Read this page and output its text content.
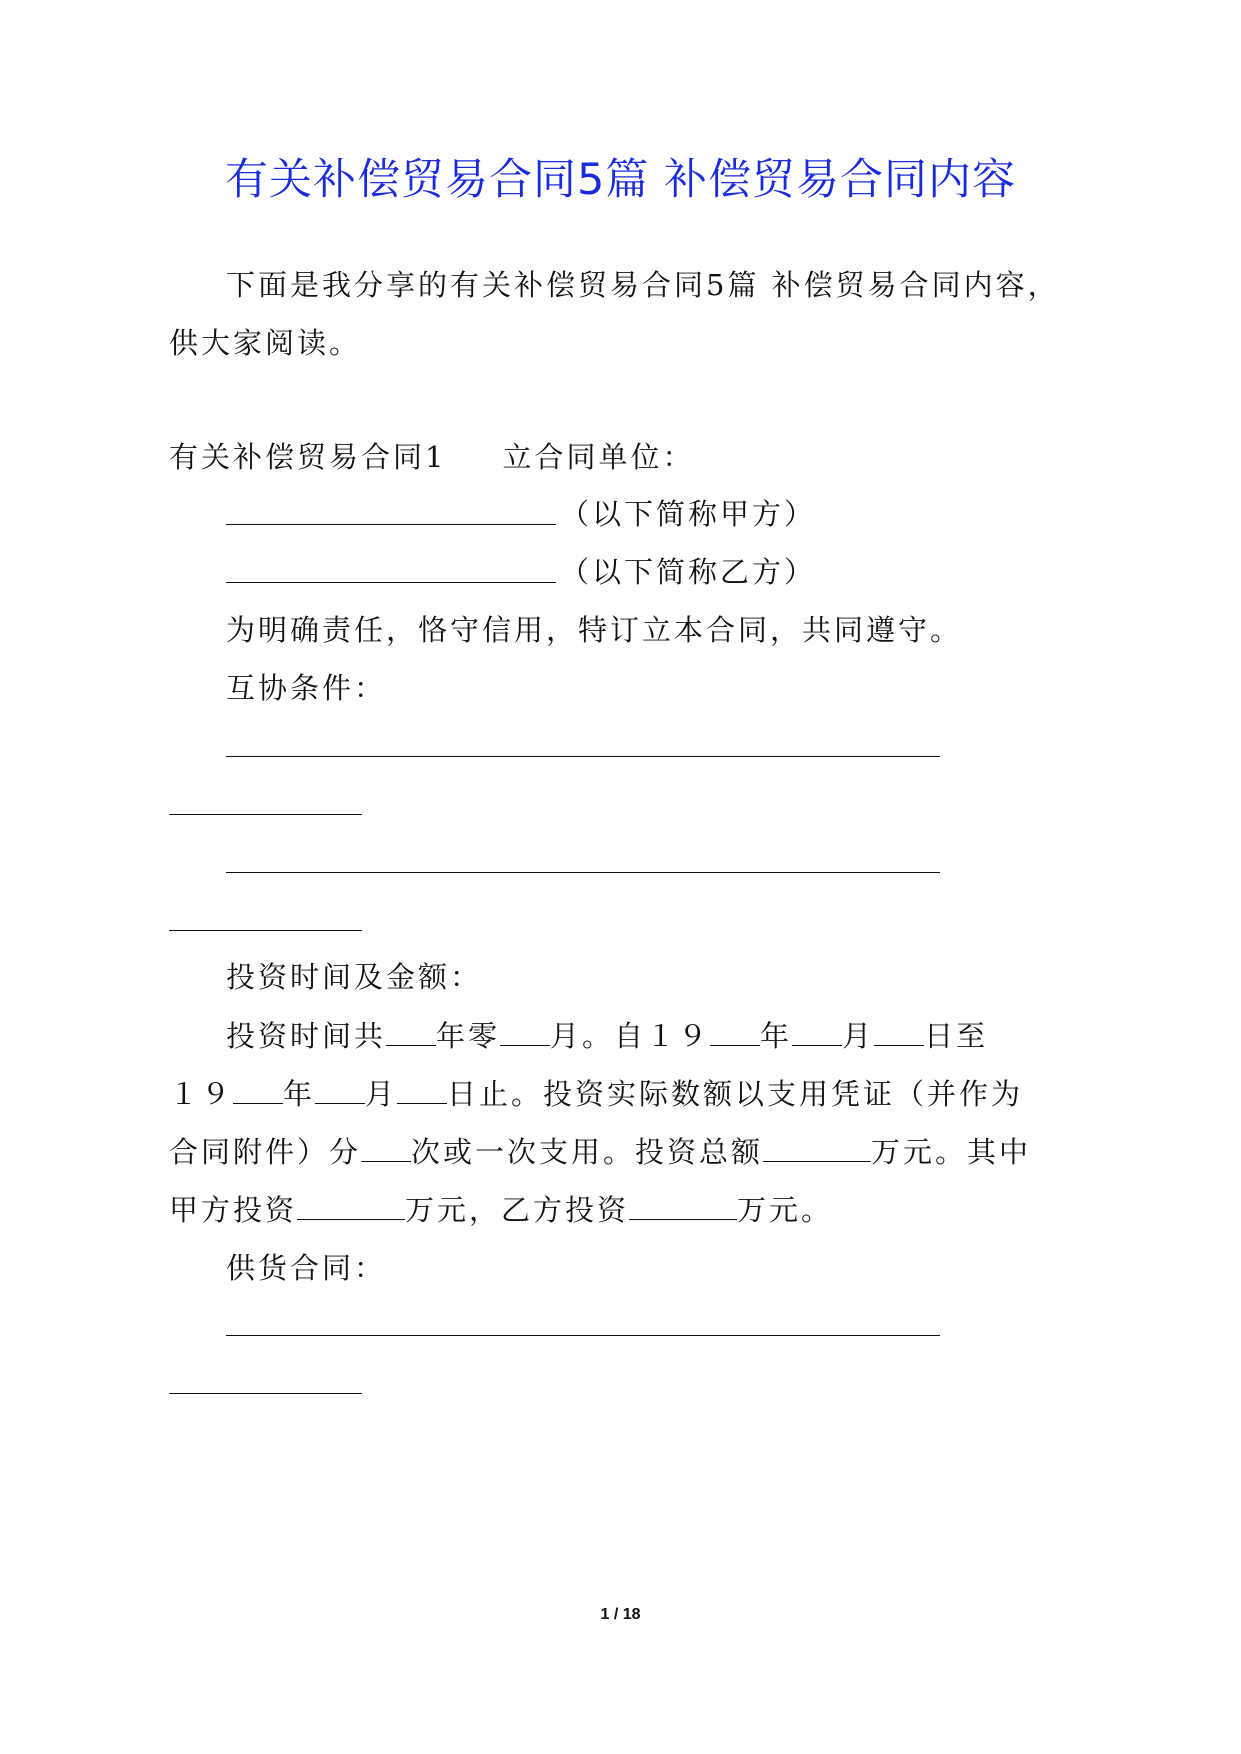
有关补偿贸易合同5篇 补偿贸易合同内容
下面是我分享的有关补偿贸易合同5篇 补偿贸易合同内容，
供大家阅读。
有关补偿贸易合同1 立合同单位：
（以下简称甲方）
（以下简称乙方）
为明确责任，恪守信用，特订立本合同，共同遵守。
互协条件：
投资时间及金额：
投资时间共 年零 月。自１９ 年 月 日至
１９ 年 月 日止。投资实际数额以支用凭证（并作为
合同附件）分 次或一次支用。投资总额	万元。其中
甲方投资	万元，乙方投资	万元。
供货合同：
1 / 18
